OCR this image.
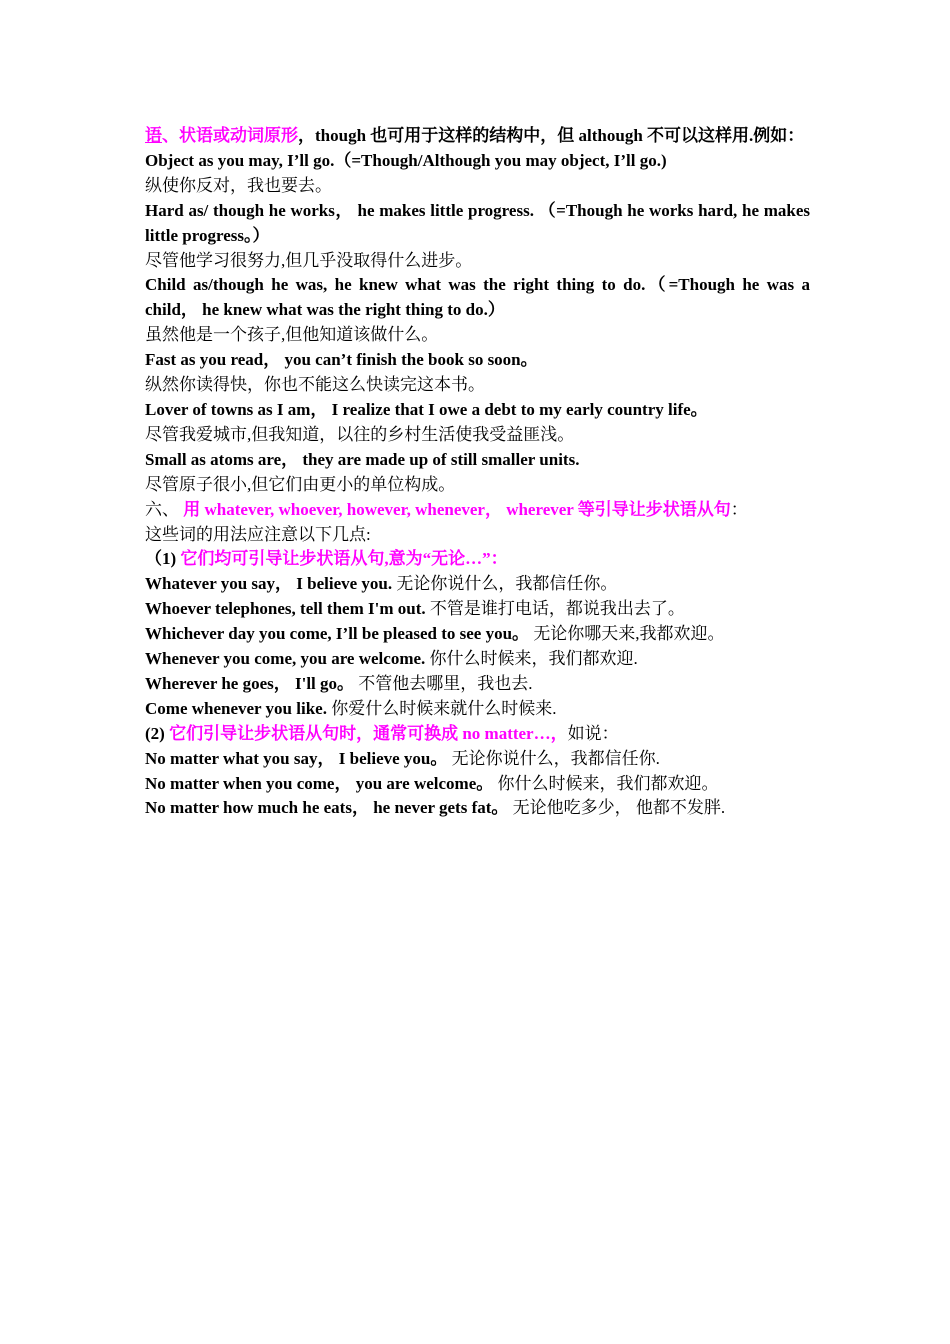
语、状语或动词原形，though 也可用于这样的结构中，但 although 不可以这样用.例如：
Object as you may, I’ll go.（=Though/Although you may object, I’ll go.)
纵使你反对，我也要去。
Hard as/ though he works， he makes little progress. （=Though he works hard, he makes little progress。）
尽管他学习很努力,但几乎没取得什么进步。
Child as/though he was, he knew what was the right thing to do.（=Though he was a child， he knew what was the right thing to do.）
虽然他是一个孩子,但他知道该做什么。
Fast as you read， you can’t finish the book so soon。
纵然你读得快，你也不能这么快读完这本书。
Lover of towns as I am， I realize that I owe a debt to my early country life。
尽管我爱城市,但我知道，以往的乡村生活使我受益匪浅。
Small as atoms are， they are made up of still smaller units.
尽管原子很小,但它们由更小的单位构成。
六、 用 whatever, whoever, however, whenever， wherever 等引导让步状语从句：
这些词的用法应注意以下几点:
（1) 它们均可引导让步状语从句,意为“无论…”：
Whatever you say， I believe you. 无论你说什么，我都信任你。
Whoever telephones, tell them I'm out. 不管是谁打电话，都说我出去了。
Whichever day you come, I’ll be pleased to see you。 无论你哪天来,我都欢迎。
Whenever you come, you are welcome. 你什么时候来，我们都欢迎.
Wherever he goes， I'll go。 不管他去哪里，我也去.
Come whenever you like. 你爱什么时候来就什么时候来.
(2) 它们引导让步状语从句时，通常可换成 no matter…，如说：
No matter what you say， I believe you。 无论你说什么，我都信任你.
No matter when you come， you are welcome。 你什么时候来，我们都欢迎。
No matter how much he eats， he never gets fat。 无论他吃多少， 他都不发胖.
